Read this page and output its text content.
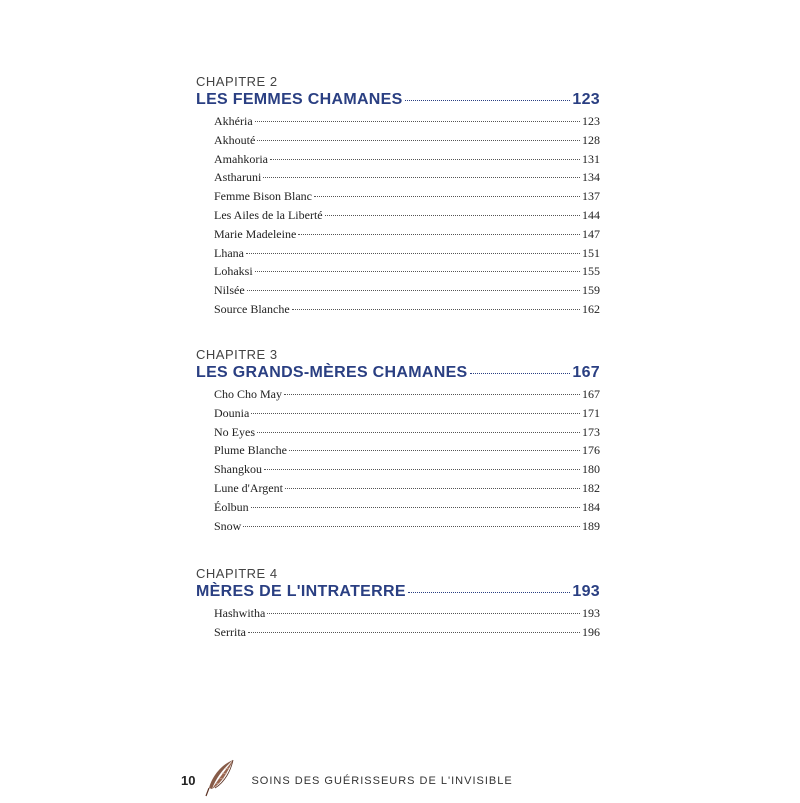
CHAPITRE 2

LES FEMMES CHAMANES	123
Akhéria	123
Akhouté	128
Amahkoria	131
Astharuni	134
Femme Bison Blanc	137
Les Ailes de la Liberté	144
Marie Madeleine	147
Lhana	151
Lohaksi	155
Nilsée	159
Source Blanche	162

CHAPITRE 3

LES GRANDS-MÈRES CHAMANES	167
Cho Cho May	167
Dounia	171
No Eyes	173
Plume Blanche	176
Shangkou	180
Lune d'Argent	182
Éolbun	184
Snow	189

CHAPITRE 4

MÈRES DE L'INTRATERRE	193
Hashwitha	193
Serrita	196
10	SOINS DES GUÉRISSEURS DE L'INVISIBLE
